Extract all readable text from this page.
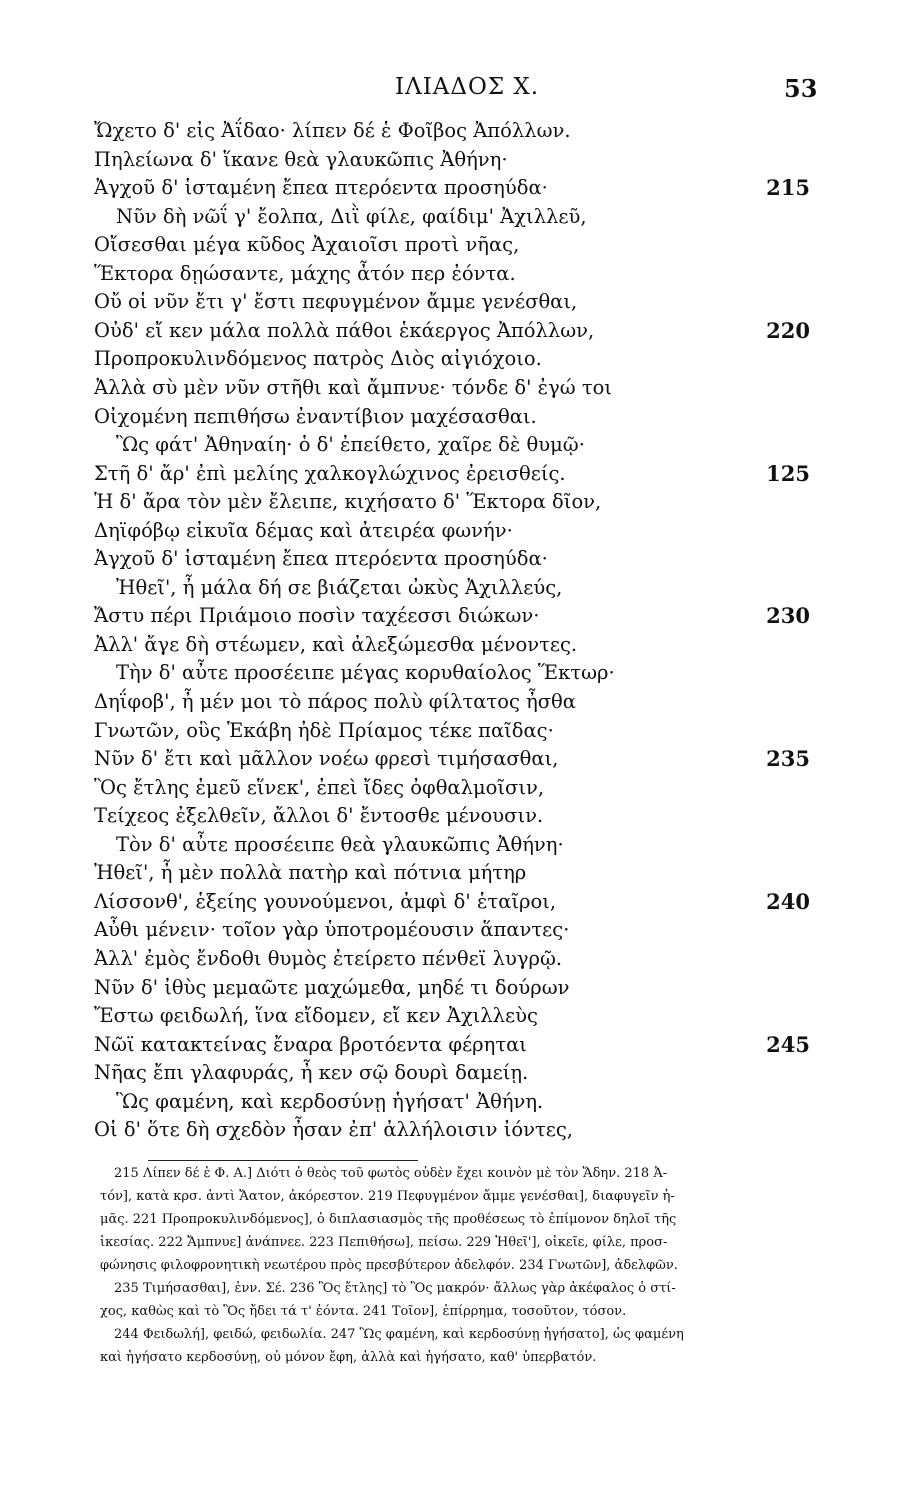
ΙΛΙΑΔΟΣ Χ.	53
Ὤχετο δ' εἰς Ἀΐδαο· λίπεν δέ ἑ Φοῖβος Ἀπόλλων.
Πηλείωνα δ' ἵκανε θεὰ γλαυκῶπις Ἀθήνη·
Ἀγχοῦ δ' ἱσταμένη ἔπεα πτερόεντα προσηύδα·	215
Νῦν δὴ νῶΐ γ' ἔολπα, Διῒ φίλε, φαίδιμ' Ἀχιλλεῦ,
Οἴσεσθαι μέγα κῦδος Ἀχαιοῖσι προτὶ νῆας,
Ἕκτορα δῃώσαντε, μάχης ἆτόν περ ἐόντα.
Οὔ οἱ νῦν ἔτι γ' ἔστι πεφυγμένον ἄμμε γενέσθαι,
Οὐδ' εἴ κεν μάλα πολλὰ πάθοι ἑκάεργος Ἀπόλλων,	220
Προπροκυλινδόμενος πατρὸς Διὸς αἰγιόχοιο.
Ἀλλὰ σὺ μὲν νῦν στῆθι καὶ ἄμπνυε· τόνδε δ' ἐγώ τοι
Οἰχομένη πεπιθήσω ἐναντίβιον μαχέσασθαι.
Ὣς φάτ' Ἀθηναίη· ὁ δ' ἐπείθετο, χαῖρε δὲ θυμῷ·
Στῆ δ' ἄρ' ἐπὶ μελίης χαλκογλώχινος ἐρεισθείς.	125
Ἡ δ' ἄρα τὸν μὲν ἔλειπε, κιχήσατο δ' Ἕκτορα δῖον,
Δηϊφόβῳ εἰκυῖα δέμας καὶ ἀτειρέα φωνήν·
Ἀγχοῦ δ' ἱσταμένη ἔπεα πτερόεντα προσηύδα·
Ἠθεῖ', ἦ μάλα δή σε βιάζεται ὠκὺς Ἀχιλλεύς,
Ἄστυ πέρι Πριάμοιο ποσὶν ταχέεσσι διώκων·	230
Ἀλλ' ἄγε δὴ στέωμεν, καὶ ἀλεξώμεσθα μένοντες.
Τὴν δ' αὖτε προσέειπε μέγας κορυθαίολος Ἕκτωρ·
Δηΐφοβ', ἦ μέν μοι τὸ πάρος πολὺ φίλτατος ἦσθα
Γνωτῶν, οὓς Ἑκάβη ἠδὲ Πρίαμος τέκε παῖδας·
Νῦν δ' ἔτι καὶ μᾶλλον νοέω φρεσὶ τιμήσασθαι,	235
Ὃς ἔτλης ἐμεῦ εἵνεκ', ἐπεὶ ἴδες ὀφθαλμοῖσιν,
Τείχεος ἐξελθεῖν, ἄλλοι δ' ἔντοσθε μένουσιν.
Τὸν δ' αὖτε προσέειπε θεὰ γλαυκῶπις Ἀθήνη·
Ἠθεῖ', ἦ μὲν πολλὰ πατὴρ καὶ πότνια μήτηρ
Λίσσονθ', ἑξείης γουνούμενοι, ἀμφὶ δ' ἑταῖροι,	240
Αὖθι μένειν· τοῖον γὰρ ὑποτρομέουσιν ἅπαντες·
Ἀλλ' ἐμὸς ἔνδοθι θυμὸς ἐτείρετο πένθεϊ λυγρῷ.
Νῦν δ' ἰθὺς μεμαῶτε μαχώμεθα, μηδέ τι δούρων
Ἔστω φειδωλή, ἵνα εἴδομεν, εἴ κεν Ἀχιλλεὺς
Νῶϊ κατακτείνας ἔναρα βροτόεντα φέρηται	245
Νῆας ἔπι γλαφυράς, ἦ κεν σῷ δουρὶ δαμείῃ.
Ὣς φαμένη, καὶ κερδοσύνῃ ἡγήσατ' Ἀθήνη.
Οἱ δ' ὅτε δὴ σχεδὸν ἦσαν ἐπ' ἀλλήλοισιν ἰόντες,
215 Λίπεν δέ ἑ Φ. Α.] Διότι ὁ θεὸς τοῦ φωτὸς οὐδὲν ἔχει κοινὸν μὲ τὸν Ἅδην. 218 Ἀ-
τόν], κατὰ κρσ. ἀντὶ Ἄατον, ἀκόρεστον. 219 Πεφυγμένον ἄμμε γενέσθαι], διαφυγεῖν ἡ-
μᾶς. 221 Προπροκυλινδόμενος], ὁ διπλασιασμὸς τῆς προθέσεως τὸ ἐπίμονον δηλοῖ τῆς
ἱκεσίας. 222 Ἄμπνυε] ἀνάπνεε. 223 Πεπιθήσω], πείσω. 229 Ἠθεῖ'], οἰκεῖε, φίλε, προσ-
φώνησις φιλοφρονητικὴ νεωτέρου πρὸς πρεσβύτερον ἀδελφόν. 234 Γνωτῶν], ἀδελφῶν.
235 Τιμήσασθαι], ἐνν. Σέ. 236 Ὃς ἔτλης] τὸ Ὃς μακρόν· ἄλλως γὰρ ἀκέφαλος ὁ στί-
χος, καθὼς καὶ τὸ Ὃς ἤδει τά τ' ἐόντα. 241 Τοῖον], ἐπίρρημα, τοσοῦτον, τόσον.
244 Φειδωλή], φειδώ, φειδωλία. 247 Ὣς φαμένη, καὶ κερδοσύνῃ ἡγήσατο], ὡς φαμένη
καὶ ἡγήσατο κερδοσύνῃ, οὐ μόνον ἔφη, ἀλλὰ καὶ ἡγήσατο, καθ' ὑπερβατόν.
